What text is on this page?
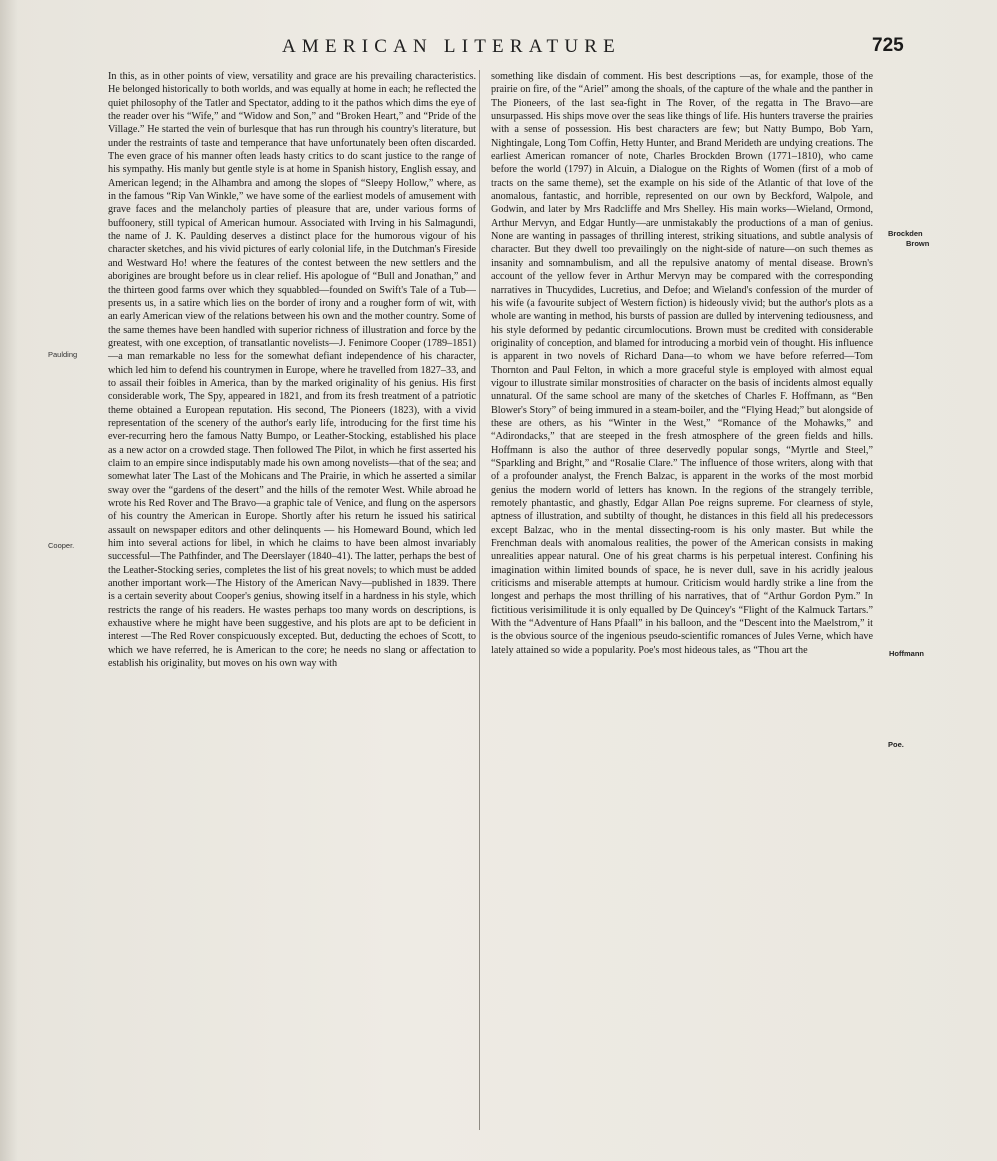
AMERICAN LITERATURE	725

In this, as in other points of view, versatility and grace are his prevailing characteristics. He belonged historically to both worlds, and was equally at home in each; he reflected the quiet philosophy of the Tatler and Spectator, adding to it the pathos which dims the eye of the reader over his “Wife,” and “Widow and Son,” and “Broken Heart,” and “Pride of the Village.” He started the vein of burlesque that has run through his country's literature, but under the restraints of taste and temperance that have unfortunately been often discarded. The even grace of his manner often leads hasty critics to do scant justice to the range of his sympathy. His manly but gentle style is at home in Spanish history, English essay, and American legend; in the Alhambra and among the slopes of “Sleepy Hollow,” where, as in the famous “Rip Van Winkle,” we have some of the earliest models of amusement with grave faces and the melancholy parties of pleasure that are, under various forms of buffoonery, still typical of American humour. Associated with Irving in his Salmagundi, the name of J. K. Paulding deserves a distinct place for the humorous vigour of his character sketches, and his vivid pictures of early colonial life, in the Dutchman's Fireside and Westward Ho! where the features of the contest between the new settlers and the aborigines are brought before us in clear relief. His apologue of “Bull and Jonathan,” and the thirteen good farms over which they squabbled—founded on Swift's Tale of a Tub—presents us, in a satire which lies on the border of irony and a rougher form of wit, with an early American view of the relations between his own and the mother country. Some of the same themes have been handled with superior richness of illustration and force by the greatest, with one exception, of transatlantic novelists—J. Fenimore Cooper (1789–1851)—a man remarkable no less for the somewhat defiant independence of his character, which led him to defend his countrymen in Europe, where he travelled from 1827–33, and to assail their foibles in America, than by the marked originality of his genius. His first considerable work, The Spy, appeared in 1821, and from its fresh treatment of a patriotic theme obtained a European reputation. His second, The Pioneers (1823), with a vivid representation of the scenery of the author's early life, introducing for the first time his ever-recurring hero the famous Natty Bumpo, or Leather-Stocking, established his place as a new actor on a crowded stage. Then followed The Pilot, in which he first asserted his claim to an empire since indisputably made his own among novelists—that of the sea; and somewhat later The Last of the Mohicans and The Prairie, in which he asserted a similar sway over the “gardens of the desert” and the hills of the remoter West. While abroad he wrote his Red Rover and The Bravo—a graphic tale of Venice, and flung on the aspersors of his country the American in Europe. Shortly after his return he issued his satirical assault on newspaper editors and other delinquents — his Homeward Bound, which led him into several actions for libel, in which he claims to have been almost invariably successful—The Pathfinder, and The Deerslayer (1840–41). The latter, perhaps the best of the Leather-Stocking series, completes the list of his great novels; to which must be added another important work—The History of the American Navy—published in 1839. There is a certain severity about Cooper's genius, showing itself in a hardness in his style, which restricts the range of his readers. He wastes perhaps too many words on descriptions, is exhaustive where he might have been suggestive, and his plots are apt to be deficient in interest —The Red Rover conspicuously excepted. But, deducting the echoes of Scott, to which we have referred, he is American to the core; he needs no slang or affectation to establish his originality, but moves on his own way with

something like disdain of comment. His best descriptions —as, for example, those of the prairie on fire, of the “Ariel” among the shoals, of the capture of the whale and the panther in The Pioneers, of the last sea-fight in The Rover, of the regatta in The Bravo—are unsurpassed. His ships move over the seas like things of life. His hunters traverse the prairies with a sense of possession. His best characters are few; but Natty Bumpo, Bob Yarn, Nightingale, Long Tom Coffin, Hetty Hunter, and Brand Merideth are undying creations. The earliest American romancer of note, Charles Brockden Brown (1771–1810), who came before the world (1797) in Alcuin, a Dialogue on the Rights of Women (first of a mob of tracts on the same theme), set the example on his side of the Atlantic of that love of the anomalous, fantastic, and horrible, represented on our own by Beckford, Walpole, and Godwin, and later by Mrs Radcliffe and Mrs Shelley. His main works—Wieland, Ormond, Arthur Mervyn, and Edgar Huntly—are unmistakably the productions of a man of genius. None are wanting in passages of thrilling interest, striking situations, and subtle analysis of character. But they dwell too prevailingly on the night-side of nature—on such themes as insanity and somnambulism, and all the repulsive anatomy of mental disease. Brown's account of the yellow fever in Arthur Mervyn may be compared with the corresponding narratives in Thucydides, Lucretius, and Defoe; and Wieland's confession of the murder of his wife (a favourite subject of Western fiction) is hideously vivid; but the author's plots as a whole are wanting in method, his bursts of passion are dulled by intervening tediousness, and his style deformed by pedantic circumlocutions. Brown must be credited with considerable originality of conception, and blamed for introducing a morbid vein of thought. His influence is apparent in two novels of Richard Dana—to whom we have before referred—Tom Thornton and Paul Felton, in which a more graceful style is employed with almost equal vigour to illustrate similar monstrosities of character on the basis of incidents almost equally unnatural. Of the same school are many of the sketches of Charles F. Hoffmann, as “Ben Blower's Story” of being immured in a steam-boiler, and the “Flying Head;” but alongside of these are others, as his “Winter in the West,” “Romance of the Mohawks,” and “Adirondacks,” that are steeped in the fresh atmosphere of the green fields and hills. Hoffmann is also the author of three deservedly popular songs, “Myrtle and Steel,” “Sparkling and Bright,” and “Rosalie Clare.” The influence of those writers, along with that of a profounder analyst, the French Balzac, is apparent in the works of the most morbid genius the modern world of letters has known. In the regions of the strangely terrible, remotely phantastic, and ghastly, Edgar Allan Poe reigns supreme. For clearness of style, aptness of illustration, and subtilty of thought, he distances in this field all his predecessors except Balzac, who in the mental dissecting-room is his only master. But while the Frenchman deals with anomalous realities, the power of the American consists in making unrealities appear natural. One of his great charms is his perpetual interest. Confining his imagination within limited bounds of space, he is never dull, save in his acridly jealous criticisms and miserable attempts at humour. Criticism would hardly strike a line from the longest and perhaps the most thrilling of his narratives, that of “Arthur Gordon Pym.” In fictitious verisimilitude it is only equalled by De Quincey's “Flight of the Kalmuck Tartars.” With the “Adventure of Hans Pfaall” in his balloon, and the “Descent into the Maelstrom,” it is the obvious source of the ingenious pseudo-scientific romances of Jules Verne, which have lately attained so wide a popularity. Poe's most hideous tales, as “Thou art the

Paulding
Cooper.
Brockden
Brown
Hoffmann
Poe.
